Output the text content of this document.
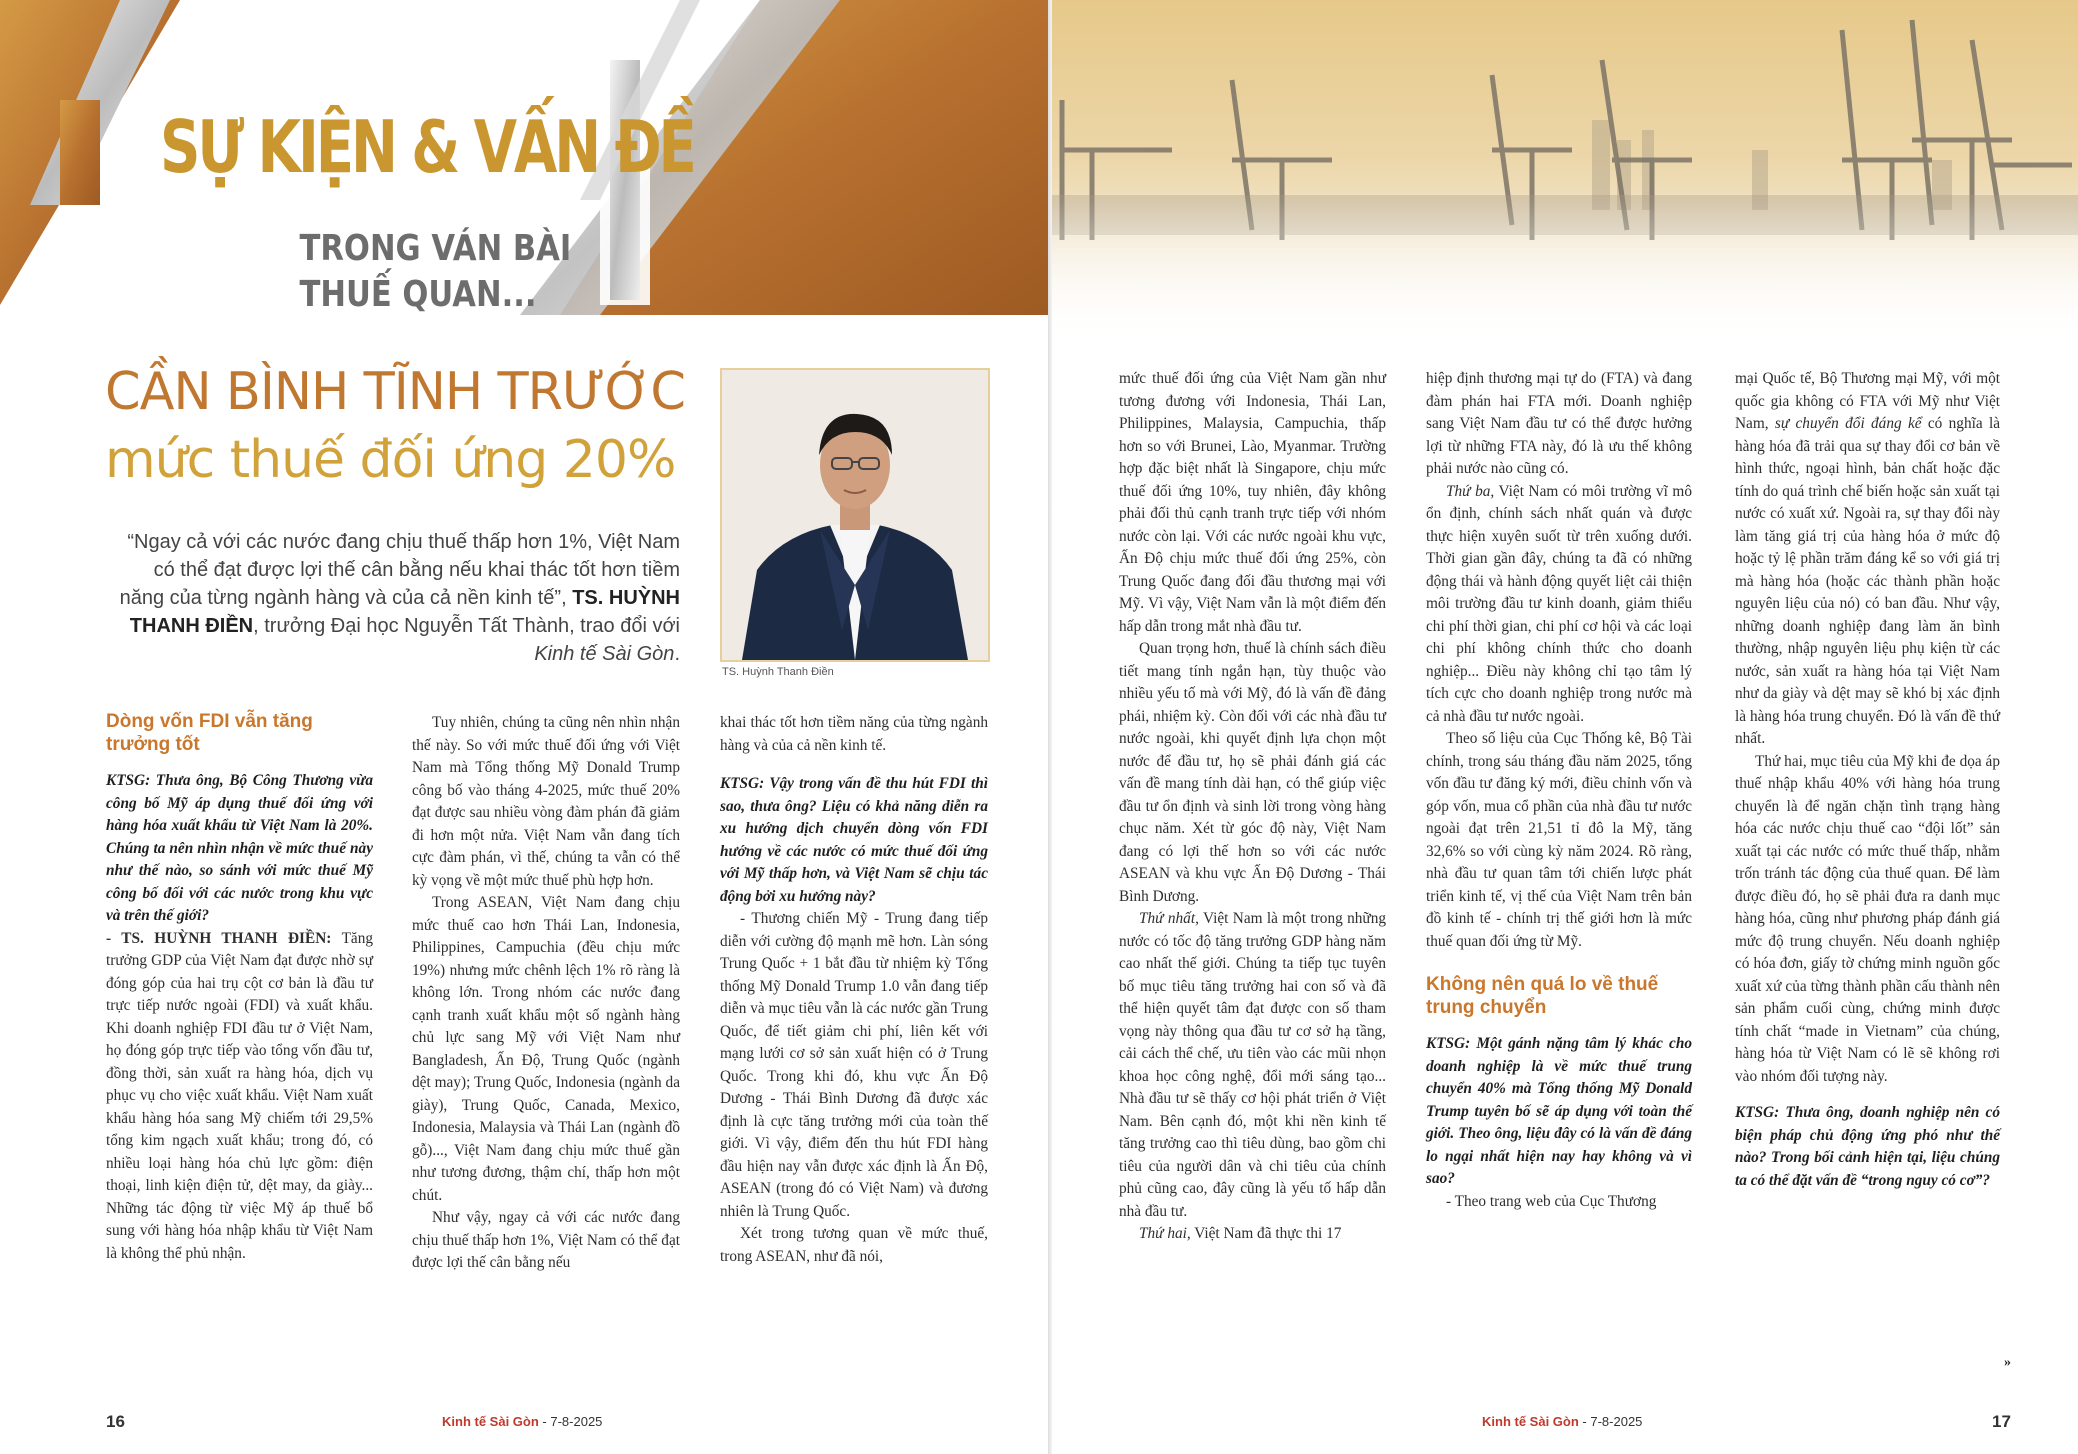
SỰ KIỆN & VẤN ĐỀ
TRONG VÁN BÀI
THUẾ QUAN...
CẦN BÌNH TĨNH TRƯỚC
mức thuế đối ứng 20%
“Ngay cả với các nước đang chịu thuế thấp hơn 1%, Việt Nam có thể đạt được lợi thế cân bằng nếu khai thác tốt hơn tiềm năng của từng ngành hàng và của cả nền kinh tế”, TS. HUỲNH THANH ĐIỀN, trưởng Đại học Nguyễn Tất Thành, trao đổi với Kinh tế Sài Gòn.
TS. Huỳnh Thanh Điền

Dòng vốn FDI vẫn tăng trưởng tốt

KTSG: Thưa ông, Bộ Công Thương vừa công bố Mỹ áp dụng thuế đối ứng với hàng hóa xuất khẩu từ Việt Nam là 20%. Chúng ta nên nhìn nhận về mức thuế này như thế nào, so sánh với mức thuế Mỹ công bố đối với các nước trong khu vực và trên thế giới?

- TS. HUỲNH THANH ĐIỀN: Tăng trưởng GDP của Việt Nam đạt được nhờ sự đóng góp của hai trụ cột cơ bản là đầu tư trực tiếp nước ngoài (FDI) và xuất khẩu. Khi doanh nghiệp FDI đầu tư ở Việt Nam, họ đóng góp trực tiếp vào tổng vốn đầu tư, đồng thời, sản xuất ra hàng hóa, dịch vụ phục vụ cho việc xuất khẩu. Việt Nam xuất khẩu hàng hóa sang Mỹ chiếm tới 29,5% tổng kim ngạch xuất khẩu; trong đó, có nhiều loại hàng hóa chủ lực gồm: điện thoại, linh kiện điện tử, dệt may, da giày... Những tác động từ việc Mỹ áp thuế bổ sung với hàng hóa nhập khẩu từ Việt Nam là không thể phủ nhận.

Tuy nhiên, chúng ta cũng nên nhìn nhận thế này. So với mức thuế đối ứng với Việt Nam mà Tổng thống Mỹ Donald Trump công bố vào tháng 4-2025, mức thuế 20% đạt được sau nhiều vòng đàm phán đã giảm đi hơn một nửa. Việt Nam vẫn đang tích cực đàm phán, vì thế, chúng ta vẫn có thể kỳ vọng về một mức thuế phù hợp hơn.

Trong ASEAN, Việt Nam đang chịu mức thuế cao hơn Thái Lan, Indonesia, Philippines, Campuchia (đều chịu mức 19%) nhưng mức chênh lệch 1% rõ ràng là không lớn. Trong nhóm các nước đang cạnh tranh xuất khẩu một số ngành hàng chủ lực sang Mỹ với Việt Nam như Bangladesh, Ấn Độ, Trung Quốc (ngành dệt may); Trung Quốc, Indonesia (ngành da giày), Trung Quốc, Canada, Mexico, Indonesia, Malaysia và Thái Lan (ngành đồ gỗ)..., Việt Nam đang chịu mức thuế gần như tương đương, thậm chí, thấp hơn một chút.

Như vậy, ngay cả với các nước đang chịu thuế thấp hơn 1%, Việt Nam có thể đạt được lợi thế cân bằng nếu

khai thác tốt hơn tiềm năng của từng ngành hàng và của cả nền kinh tế.

KTSG: Vậy trong vấn đề thu hút FDI thì sao, thưa ông? Liệu có khả năng diễn ra xu hướng dịch chuyển dòng vốn FDI hướng về các nước có mức thuế đối ứng với Mỹ thấp hơn, và Việt Nam sẽ chịu tác động bởi xu hướng này?

- Thương chiến Mỹ - Trung đang tiếp diễn với cường độ mạnh mẽ hơn. Làn sóng Trung Quốc + 1 bắt đầu từ nhiệm kỳ Tổng thống Mỹ Donald Trump 1.0 vẫn đang tiếp diễn và mục tiêu vẫn là các nước gần Trung Quốc, để tiết giảm chi phí, liên kết với mạng lưới cơ sở sản xuất hiện có ở Trung Quốc. Trong khi đó, khu vực Ấn Độ Dương - Thái Bình Dương đã được xác định là cực tăng trưởng mới của toàn thế giới. Vì vậy, điểm đến thu hút FDI hàng đầu hiện nay vẫn được xác định là Ấn Độ, ASEAN (trong đó có Việt Nam) và đương nhiên là Trung Quốc.

Xét trong tương quan về mức thuế, trong ASEAN, như đã nói,

16	Kinh tế Sài Gòn - 7-8-2025

mức thuế đối ứng của Việt Nam gần như tương đương với Indonesia, Thái Lan, Philippines, Malaysia, Campuchia, thấp hơn so với Brunei, Lào, Myanmar. Trường hợp đặc biệt nhất là Singapore, chịu mức thuế đối ứng 10%, tuy nhiên, đây không phải đối thủ cạnh tranh trực tiếp với nhóm nước còn lại. Với các nước ngoài khu vực, Ấn Độ chịu mức thuế đối ứng 25%, còn Trung Quốc đang đối đầu thương mại với Mỹ. Vì vậy, Việt Nam vẫn là một điểm đến hấp dẫn trong mắt nhà đầu tư.

Quan trọng hơn, thuế là chính sách điều tiết mang tính ngắn hạn, tùy thuộc vào nhiều yếu tố mà với Mỹ, đó là vấn đề đảng phái, nhiệm kỳ. Còn đối với các nhà đầu tư nước ngoài, khi quyết định lựa chọn một nước để đầu tư, họ sẽ phải đánh giá các vấn đề mang tính dài hạn, có thể giúp việc đầu tư ổn định và sinh lời trong vòng hàng chục năm. Xét từ góc độ này, Việt Nam đang có lợi thế hơn so với các nước ASEAN và khu vực Ấn Độ Dương - Thái Bình Dương.

Thứ nhất, Việt Nam là một trong những nước có tốc độ tăng trưởng GDP hàng năm cao nhất thế giới. Chúng ta tiếp tục tuyên bố mục tiêu tăng trưởng hai con số và đã thể hiện quyết tâm đạt được con số tham vọng này thông qua đầu tư cơ sở hạ tầng, cải cách thể chế, ưu tiên vào các mũi nhọn khoa học công nghệ, đổi mới sáng tạo... Nhà đầu tư sẽ thấy cơ hội phát triển ở Việt Nam. Bên cạnh đó, một khi nền kinh tế tăng trưởng cao thì tiêu dùng, bao gồm chi tiêu của người dân và chi tiêu của chính phủ cũng cao, đây cũng là yếu tố hấp dẫn nhà đầu tư.

Thứ hai, Việt Nam đã thực thi 17

hiệp định thương mại tự do (FTA) và đang đàm phán hai FTA mới. Doanh nghiệp sang Việt Nam đầu tư có thể được hưởng lợi từ những FTA này, đó là ưu thế không phải nước nào cũng có.

Thứ ba, Việt Nam có môi trường vĩ mô ổn định, chính sách nhất quán và được thực hiện xuyên suốt từ trên xuống dưới. Thời gian gần đây, chúng ta đã có những động thái và hành động quyết liệt cải thiện môi trường đầu tư kinh doanh, giảm thiểu chi phí thời gian, chi phí cơ hội và các loại chi phí không chính thức cho doanh nghiệp... Điều này không chỉ tạo tâm lý tích cực cho doanh nghiệp trong nước mà cả nhà đầu tư nước ngoài.

Theo số liệu của Cục Thống kê, Bộ Tài chính, trong sáu tháng đầu năm 2025, tổng vốn đầu tư đăng ký mới, điều chỉnh vốn và góp vốn, mua cổ phần của nhà đầu tư nước ngoài đạt trên 21,51 tỉ đô la Mỹ, tăng 32,6% so với cùng kỳ năm 2024. Rõ ràng, nhà đầu tư quan tâm tới chiến lược phát triển kinh tế, vị thế của Việt Nam trên bản đồ kinh tế - chính trị thế giới hơn là mức thuế quan đối ứng từ Mỹ.

Không nên quá lo về thuế trung chuyển

KTSG: Một gánh nặng tâm lý khác cho doanh nghiệp là về mức thuế trung chuyển 40% mà Tổng thống Mỹ Donald Trump tuyên bố sẽ áp dụng với toàn thế giới. Theo ông, liệu đây có là vấn đề đáng lo ngại nhất hiện nay hay không và vì sao?

- Theo trang web của Cục Thương

mại Quốc tế, Bộ Thương mại Mỹ, với một quốc gia không có FTA với Mỹ như Việt Nam, sự chuyển đổi đáng kể có nghĩa là hàng hóa đã trải qua sự thay đổi cơ bản về hình thức, ngoại hình, bản chất hoặc đặc tính do quá trình chế biến hoặc sản xuất tại nước có xuất xứ. Ngoài ra, sự thay đổi này làm tăng giá trị của hàng hóa ở mức độ hoặc tỷ lệ phần trăm đáng kể so với giá trị mà hàng hóa (hoặc các thành phần hoặc nguyên liệu của nó) có ban đầu. Như vậy, những doanh nghiệp đang làm ăn bình thường, nhập nguyên liệu phụ kiện từ các nước, sản xuất ra hàng hóa tại Việt Nam như da giày và dệt may sẽ khó bị xác định là hàng hóa trung chuyển. Đó là vấn đề thứ nhất.

Thứ hai, mục tiêu của Mỹ khi đe dọa áp thuế nhập khẩu 40% với hàng hóa trung chuyển là để ngăn chặn tình trạng hàng hóa các nước chịu thuế cao “đội lốt” sản xuất tại các nước có mức thuế thấp, nhằm trốn tránh tác động của thuế quan. Để làm được điều đó, họ sẽ phải đưa ra danh mục hàng hóa, cũng như phương pháp đánh giá mức độ trung chuyển. Nếu doanh nghiệp có hóa đơn, giấy tờ chứng minh nguồn gốc xuất xứ của từng thành phần cấu thành nên sản phẩm cuối cùng, chứng minh được tính chất “made in Vietnam” của chúng, hàng hóa từ Việt Nam có lẽ sẽ không rơi vào nhóm đối tượng này.

KTSG: Thưa ông, doanh nghiệp nên có biện pháp chủ động ứng phó như thế nào? Trong bối cảnh hiện tại, liệu chúng ta có thể đặt vấn đề “trong nguy có cơ”?

»
Kinh tế Sài Gòn - 7-8-2025	17
